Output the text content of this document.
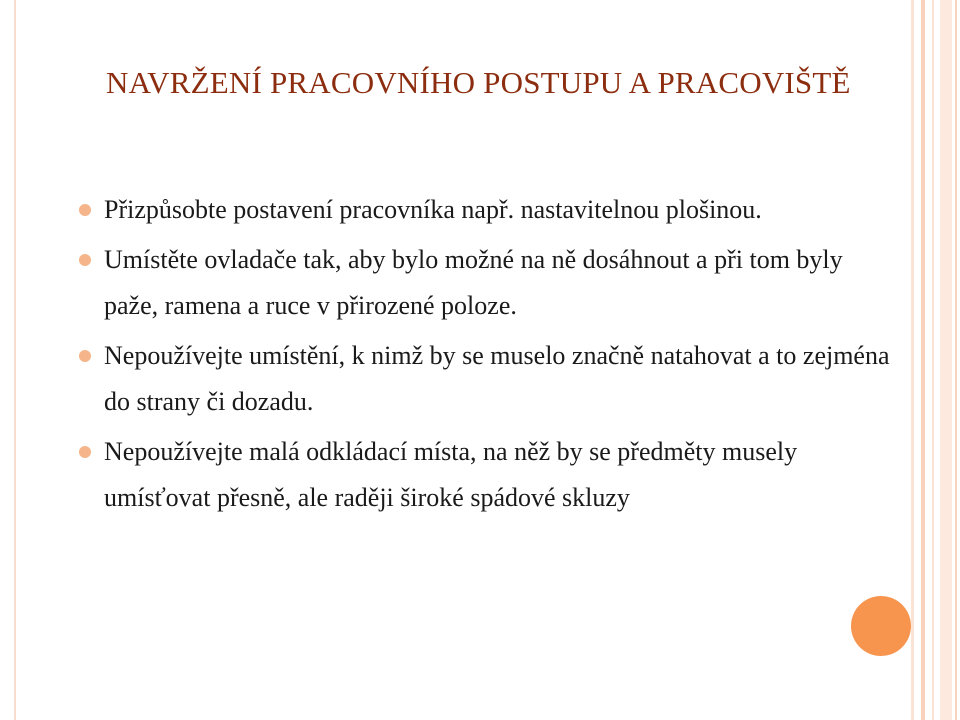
NAVRŽENÍ PRACOVNÍHO POSTUPU A PRACOVIŠTĚ
Přizpůsobte postavení pracovníka např. nastavitelnou plošinou.
Umístěte ovladače tak, aby bylo možné na ně dosáhnout a při tom byly paže, ramena a ruce v přirozené poloze.
Nepoužívejte umístění, k nimž by se muselo značně natahovat a to zejména do strany či dozadu.
Nepoužívejte malá odkládací místa, na něž by se předměty musely umísťovat přesně, ale raději široké spádové skluzy
